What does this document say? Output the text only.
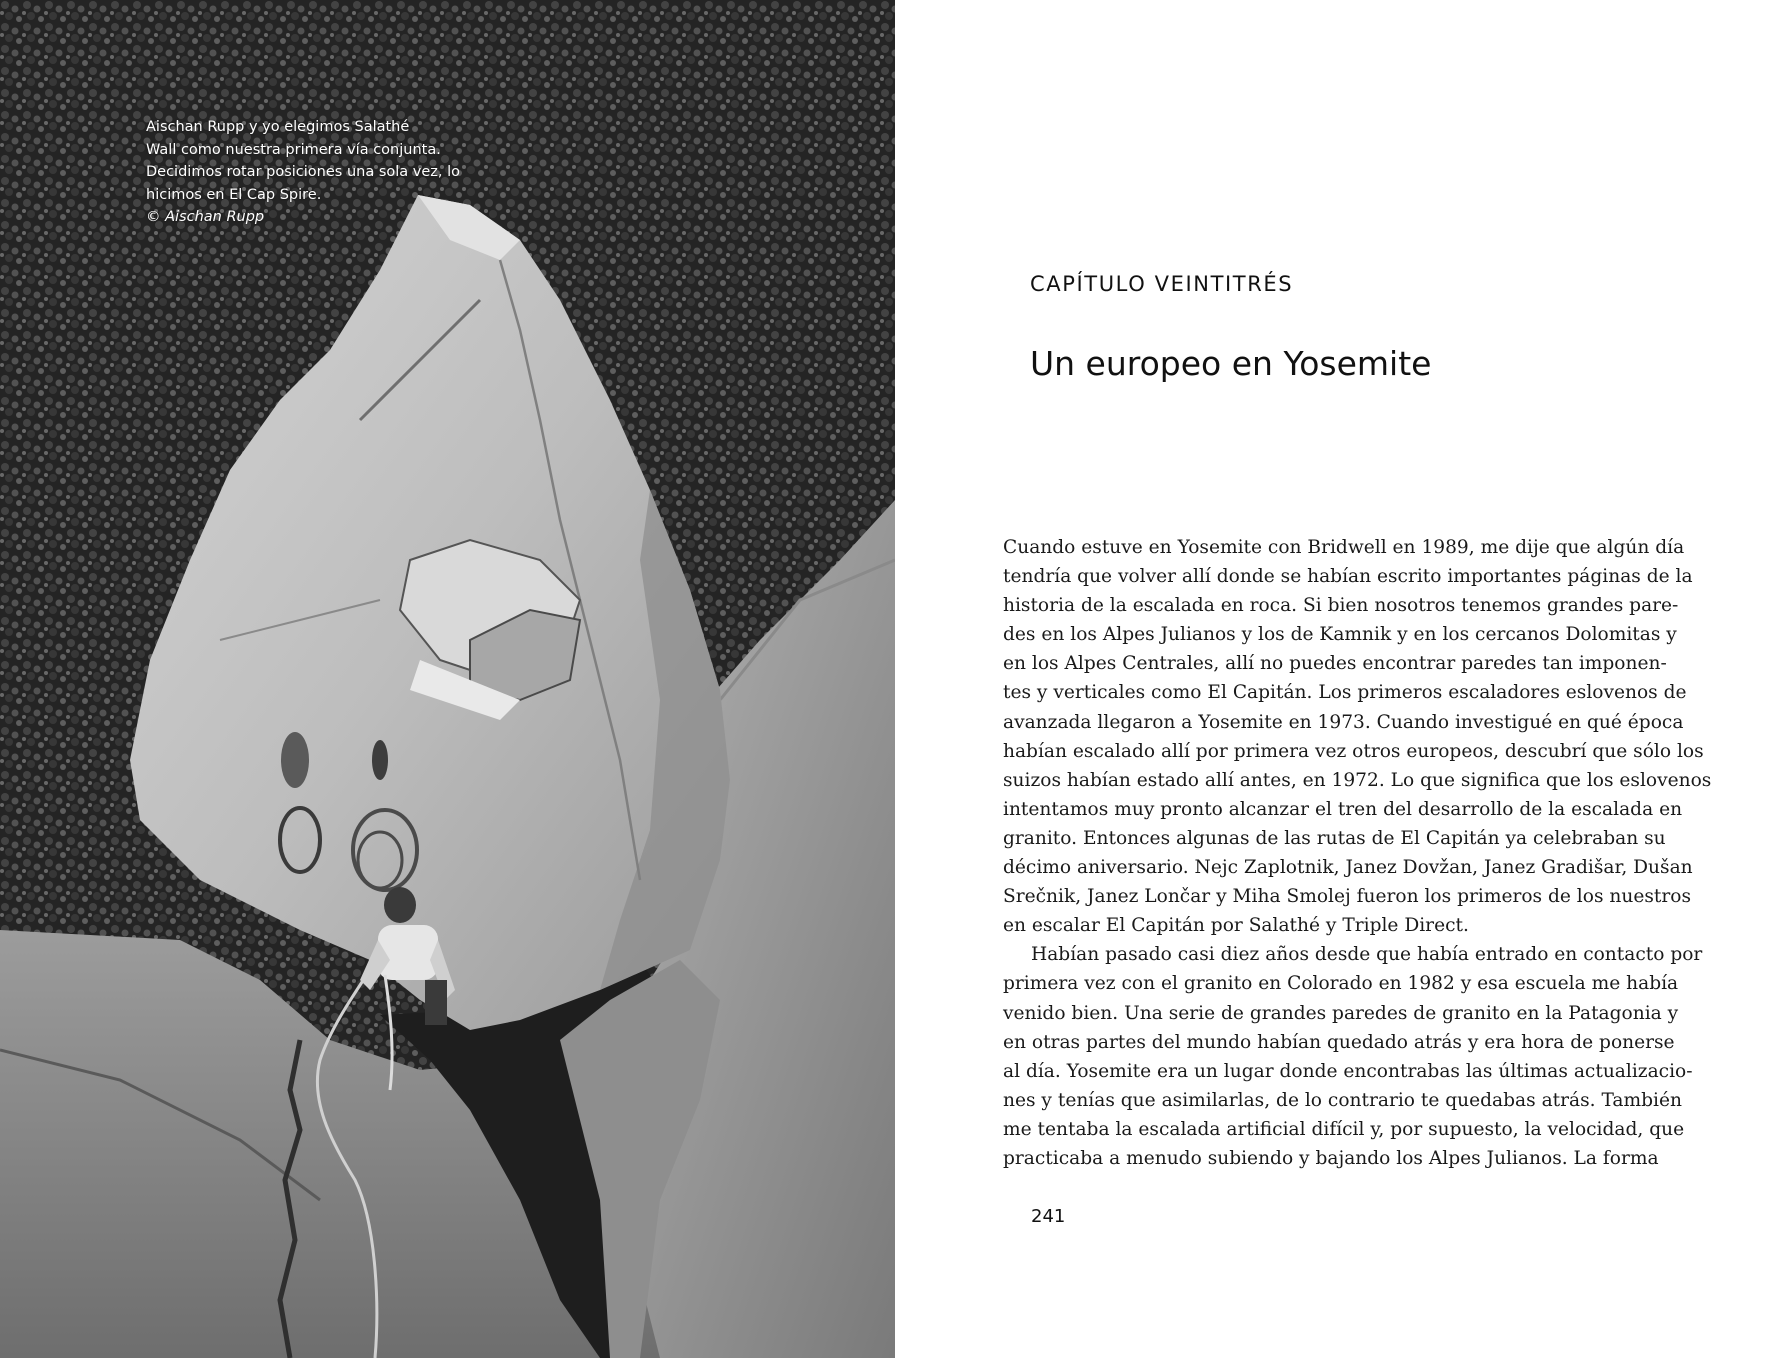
Aischan Rupp y yo elegimos Salathé
Wall como nuestra primera vía conjunta.
Decidimos rotar posiciones una sola vez, lo
hicimos en El Cap Spire.
© Aischan Rupp
CAPÍTULO VEINTITRÉS
Un europeo en Yosemite
Cuando estuve en Yosemite con Bridwell en 1989, me dije que algún día
tendría que volver allí donde se habían escrito importantes páginas de la
historia de la escalada en roca. Si bien nosotros tenemos grandes pare-
des en los Alpes Julianos y los de Kamnik y en los cercanos Dolomitas y
en los Alpes Centrales, allí no puedes encontrar paredes tan imponen-
tes y verticales como El Capitán. Los primeros escaladores eslovenos de
avanzada llegaron a Yosemite en 1973. Cuando investigué en qué época
habían escalado allí por primera vez otros europeos, descubrí que sólo los
suizos habían estado allí antes, en 1972. Lo que significa que los eslovenos
intentamos muy pronto alcanzar el tren del desarrollo de la escalada en
granito. Entonces algunas de las rutas de El Capitán ya celebraban su
décimo aniversario. Nejc Zaplotnik, Janez Dovžan, Janez Gradišar, Dušan
Srečnik, Janez Lončar y Miha Smolej fueron los primeros de los nuestros
en escalar El Capitán por Salathé y Triple Direct.
Habían pasado casi diez años desde que había entrado en contacto por
primera vez con el granito en Colorado en 1982 y esa escuela me había
venido bien. Una serie de grandes paredes de granito en la Patagonia y
en otras partes del mundo habían quedado atrás y era hora de ponerse
al día. Yosemite era un lugar donde encontrabas las últimas actualizacio-
nes y tenías que asimilarlas, de lo contrario te quedabas atrás. También
me tentaba la escalada artificial difícil y, por supuesto, la velocidad, que
practicaba a menudo subiendo y bajando los Alpes Julianos. La forma
241
